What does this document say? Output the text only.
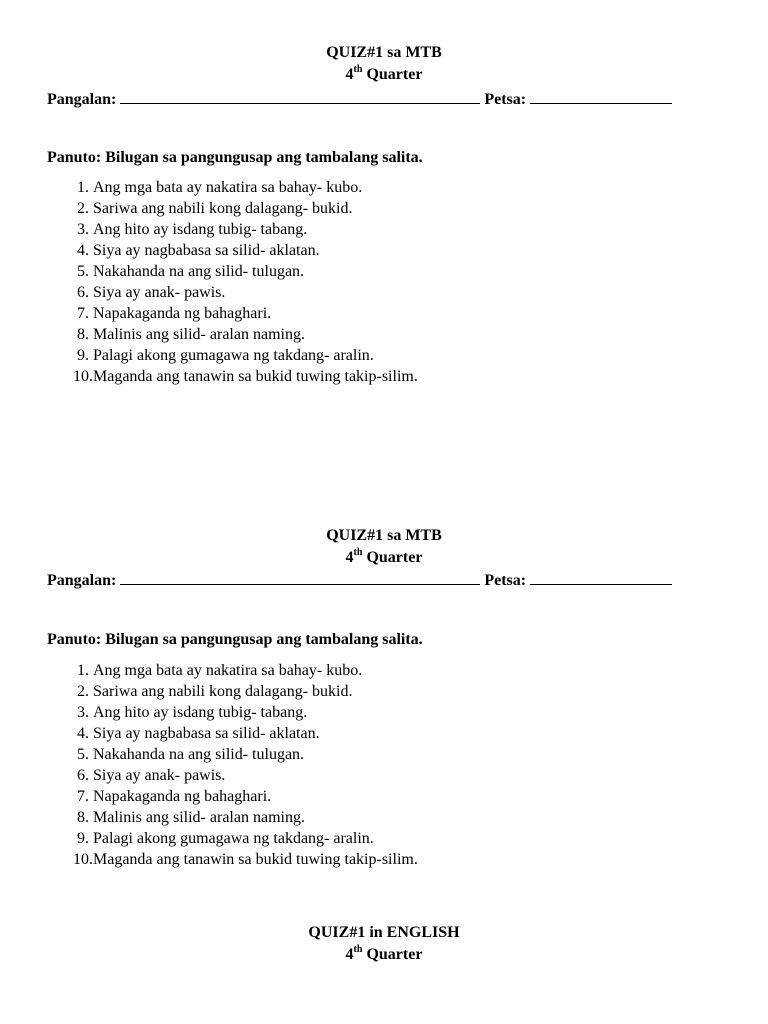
QUIZ#1 sa MTB
4th Quarter
Pangalan:	Petsa:
Panuto: Bilugan sa pangungusap ang tambalang salita.
1. Ang mga bata ay nakatira sa bahay- kubo.
2. Sariwa ang nabili kong dalagang- bukid.
3. Ang hito ay isdang tubig- tabang.
4. Siya ay nagbabasa sa silid- aklatan.
5. Nakahanda na ang silid- tulugan.
6. Siya ay anak- pawis.
7. Napakaganda ng bahaghari.
8. Malinis ang silid- aralan naming.
9. Palagi akong gumagawa ng takdang- aralin.
10. Maganda ang tanawin sa bukid tuwing takip-silim.
QUIZ#1 sa MTB
4th Quarter
Pangalan:	Petsa:
Panuto: Bilugan sa pangungusap ang tambalang salita.
1. Ang mga bata ay nakatira sa bahay- kubo.
2. Sariwa ang nabili kong dalagang- bukid.
3. Ang hito ay isdang tubig- tabang.
4. Siya ay nagbabasa sa silid- aklatan.
5. Nakahanda na ang silid- tulugan.
6. Siya ay anak- pawis.
7. Napakaganda ng bahaghari.
8. Malinis ang silid- aralan naming.
9. Palagi akong gumagawa ng takdang- aralin.
10. Maganda ang tanawin sa bukid tuwing takip-silim.
QUIZ#1 in ENGLISH
4th Quarter
